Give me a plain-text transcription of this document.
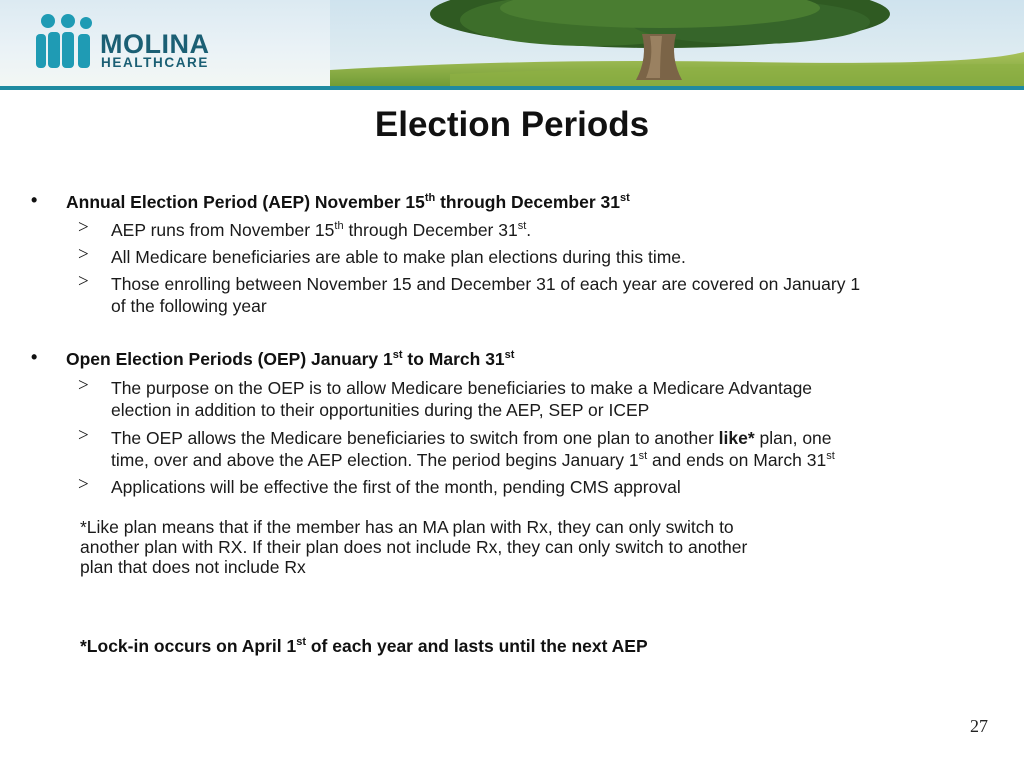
MOLINA
HEALTHCARE
Election Periods
• Annual Election Period (AEP) November 15th through December 31st
> AEP runs from November 15th through December 31st.
> All Medicare beneficiaries are able to make plan elections during this time.
> Those enrolling between November 15 and December 31 of each year are covered on January 1
of the following year
• Open Election Periods (OEP) January 1st to March 31st
> The purpose on the OEP is to allow Medicare beneficiaries to make a Medicare Advantage
election in addition to their opportunities during the AEP, SEP or ICEP
> The OEP allows the Medicare beneficiaries to switch from one plan to another like* plan, one
time, over and above the AEP election. The period begins January 1st and ends on March 31st
> Applications will be effective the first of the month, pending CMS approval
*Like plan means that if the member has an MA plan with Rx, they can only switch to
another plan with RX. If their plan does not include Rx, they can only switch to another
plan that does not include Rx
*Lock-in occurs on April 1st of each year and lasts until the next AEP
27
